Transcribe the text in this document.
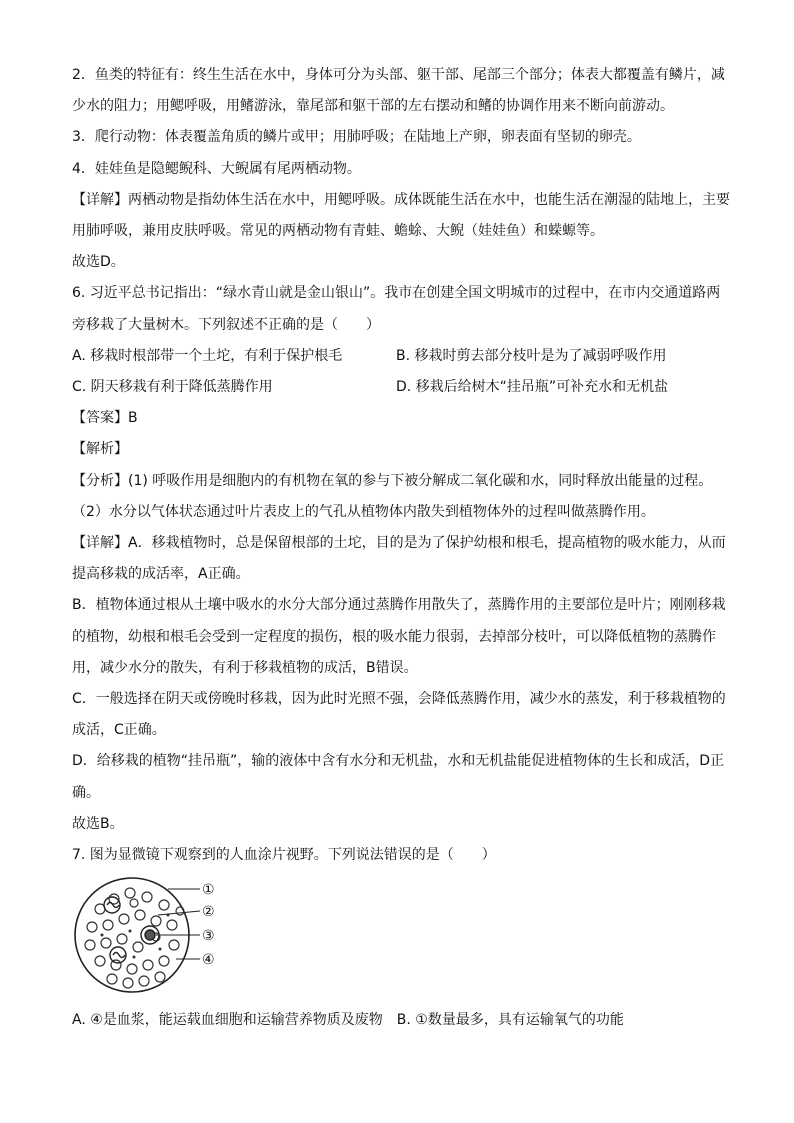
2．鱼类的特征有：终生生活在水中，身体可分为头部、躯干部、尾部三个部分；体表大都覆盖有鳞片，减少水的阻力；用鳃呼吸，用鳍游泳，靠尾部和躯干部的左右摆动和鳍的协调作用来不断向前游动。

3．爬行动物：体表覆盖角质的鳞片或甲；用肺呼吸；在陆地上产卵，卵表面有坚韧的卵壳。

4．娃娃鱼是隐鳃鲵科、大鲵属有尾两栖动物。

【详解】两栖动物是指幼体生活在水中，用鳃呼吸。成体既能生活在水中，也能生活在潮湿的陆地上，主要用肺呼吸，兼用皮肤呼吸。常见的两栖动物有青蛙、蟾蜍、大鲵（娃娃鱼）和蝾螈等。

故选D。

6. 习近平总书记指出：“绿水青山就是金山银山”。我市在创建全国文明城市的过程中，在市内交通道路两旁移栽了大量树木。下列叙述不正确的是（　　）

A. 移栽时根部带一个土坨，有利于保护根毛	B. 移栽时剪去部分枝叶是为了减弱呼吸作用
C. 阴天移栽有利于降低蒸腾作用	D. 移栽后给树木“挂吊瓶”可补充水和无机盐

【答案】B

【解析】

【分析】(1) 呼吸作用是细胞内的有机物在氧的参与下被分解成二氧化碳和水，同时释放出能量的过程。

（2）水分以气体状态通过叶片表皮上的气孔从植物体内散失到植物体外的过程叫做蒸腾作用。

【详解】A．移栽植物时，总是保留根部的土坨，目的是为了保护幼根和根毛，提高植物的吸水能力，从而提高移栽的成活率，A正确。

B．植物体通过根从土壤中吸水的水分大部分通过蒸腾作用散失了，蒸腾作用的主要部位是叶片；刚刚移栽的植物，幼根和根毛会受到一定程度的损伤，根的吸水能力很弱，去掉部分枝叶，可以降低植物的蒸腾作用，减少水分的散失，有利于移栽植物的成活，B错误。

C．一般选择在阴天或傍晚时移栽，因为此时光照不强，会降低蒸腾作用，减少水的蒸发，利于移栽植物的成活，C正确。

D．给移栽的植物“挂吊瓶”，输的液体中含有水分和无机盐，水和无机盐能促进植物体的生长和成活，D正确。

故选B。

7. 图为显微镜下观察到的人血涂片视野。下列说法错误的是（　　）

①
②
③
④

A. ④是血浆，能运载血细胞和运输营养物质及废物　B. ①数量最多，具有运输氧气的功能
